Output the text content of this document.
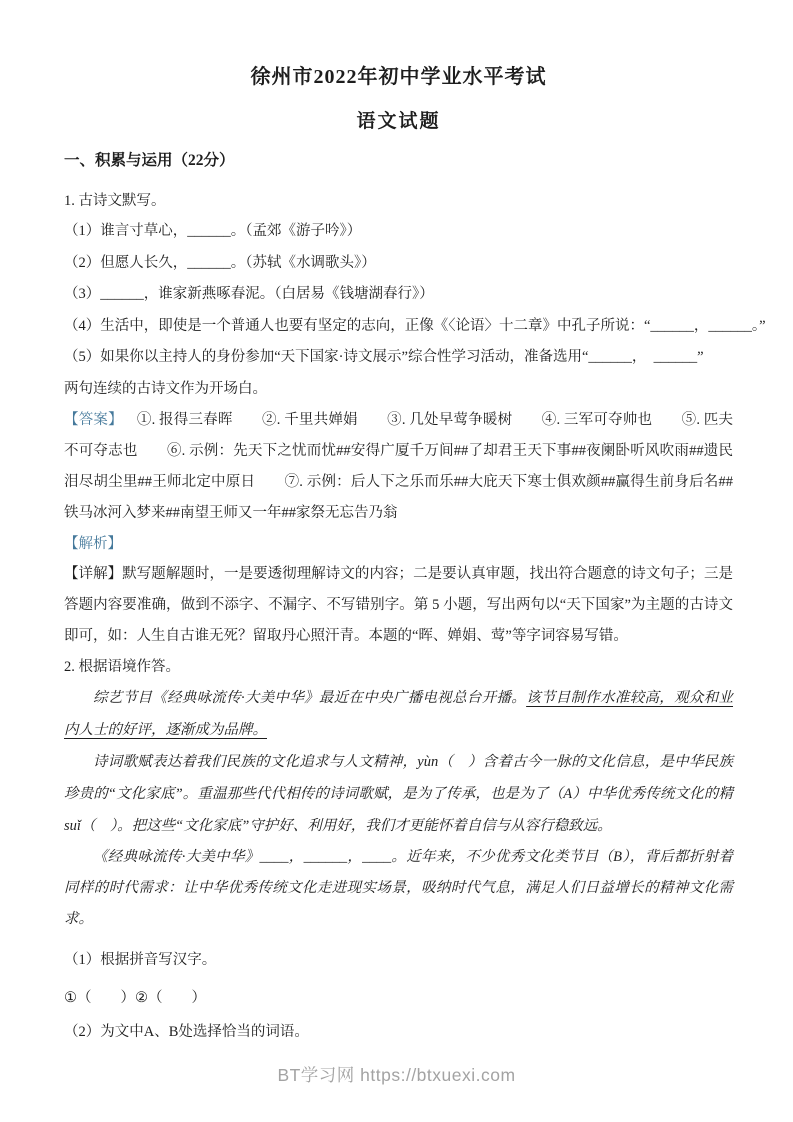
徐州市2022年初中学业水平考试
语文试题
一、积累与运用（22分）

1. 古诗文默写。

（1）谁言寸草心，______。（孟郊《游子吟》）

（2）但愿人长久，______。（苏轼《水调歌头》）

（3）______，谁家新燕啄春泥。（白居易《钱塘湖春行》）

（4）生活中，即使是一个普通人也要有坚定的志向，正像《〈论语〉十二章》中孔子所说：“______，______。”

（5）如果你以主持人的身份参加“天下国家·诗文展示”综合性学习活动，准备选用“______，　______”

两句连续的古诗文作为开场白。

【答案】 ①. 报得三春晖　　②. 千里共婵娟　　③. 几处早莺争暖树　　④. 三军可夺帅也　　⑤. 匹夫不可夺志也　　⑥. 示例：先天下之忧而忧##安得广厦千万间##了却君王天下事##夜阑卧听风吹雨##遗民泪尽胡尘里##王师北定中原日　　⑦. 示例：后人下之乐而乐##大庇天下寒士俱欢颜##赢得生前身后名##铁马冰河入梦来##南望王师又一年##家祭无忘告乃翁

【解析】

【详解】默写题解题时，一是要透彻理解诗文的内容；二是要认真审题，找出符合题意的诗文句子；三是答题内容要准确，做到不添字、不漏字、不写错别字。第 5 小题，写出两句以“天下国家”为主题的古诗文即可，如：人生自古谁无死？留取丹心照汗青。本题的“晖、婵娟、莺”等字词容易写错。

2. 根据语境作答。

综艺节目《经典咏流传·大美中华》最近在中央广播电视总台开播。该节目制作水准较高，观众和业内人士的好评，逐渐成为品牌。

诗词歌赋表达着我们民族的文化追求与人文精神，yùn（　）含着古今一脉的文化信息，是中华民族珍贵的“文化家底”。重温那些代代相传的诗词歌赋，是为了传承，也是为了（A）中华优秀传统文化的精suǐ（　）。把这些“文化家底”守护好、利用好，我们才更能怀着自信与从容行稳致远。

《经典咏流传·大美中华》____，______，____。近年来，不少优秀文化类节目（B），背后都折射着同样的时代需求：让中华优秀传统文化走进现实场景，吸纳时代气息，满足人们日益增长的精神文化需求。

（1）根据拼音写汉字。

①（　　）②（　　）

（2）为文中A、B处选择恰当的词语。

BT学习网 https://btxuexi.com
